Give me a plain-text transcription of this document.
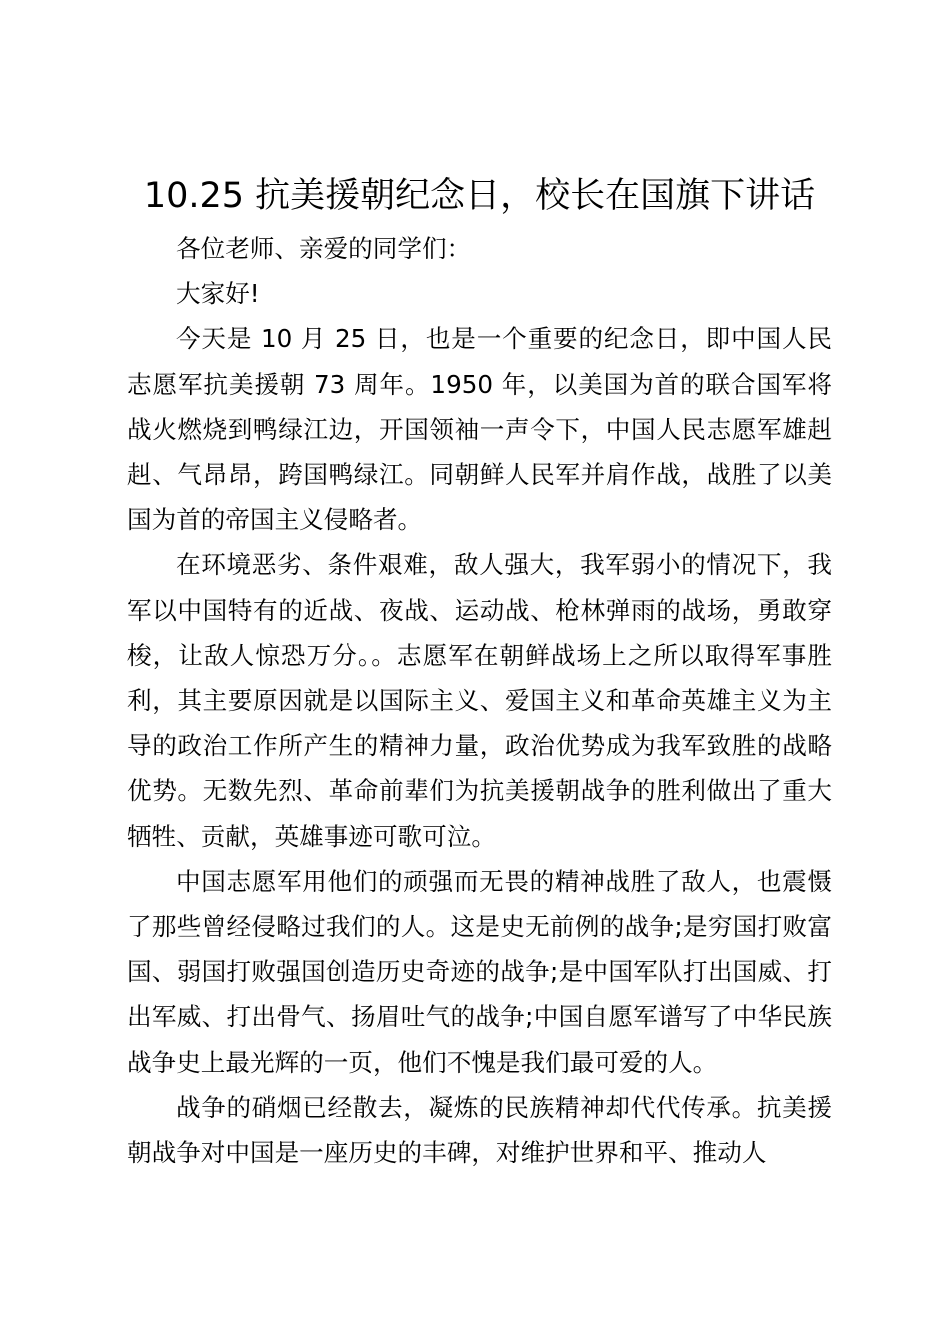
10.25 抗美援朝纪念日，校长在国旗下讲话

各位老师、亲爱的同学们：

大家好!

今天是 10 月 25 日，也是一个重要的纪念日，即中国人民志愿军抗美援朝 73 周年。1950 年，以美国为首的联合国军将战火燃烧到鸭绿江边，开国领袖一声令下，中国人民志愿军雄赳赳、气昂昂，跨国鸭绿江。同朝鲜人民军并肩作战，战胜了以美国为首的帝国主义侵略者。

在环境恶劣、条件艰难，敌人强大，我军弱小的情况下，我军以中国特有的近战、夜战、运动战、枪林弹雨的战场，勇敢穿梭，让敌人惊恐万分。。志愿军在朝鲜战场上之所以取得军事胜利，其主要原因就是以国际主义、爱国主义和革命英雄主义为主导的政治工作所产生的精神力量，政治优势成为我军致胜的战略优势。无数先烈、革命前辈们为抗美援朝战争的胜利做出了重大牺牲、贡献，英雄事迹可歌可泣。

中国志愿军用他们的顽强而无畏的精神战胜了敌人，也震慑了那些曾经侵略过我们的人。这是史无前例的战争;是穷国打败富国、弱国打败强国创造历史奇迹的战争;是中国军队打出国威、打出军威、打出骨气、扬眉吐气的战争;中国自愿军谱写了中华民族战争史上最光辉的一页，他们不愧是我们最可爱的人。

战争的硝烟已经散去，凝炼的民族精神却代代传承。抗美援朝战争对中国是一座历史的丰碑，对维护世界和平、推动人
